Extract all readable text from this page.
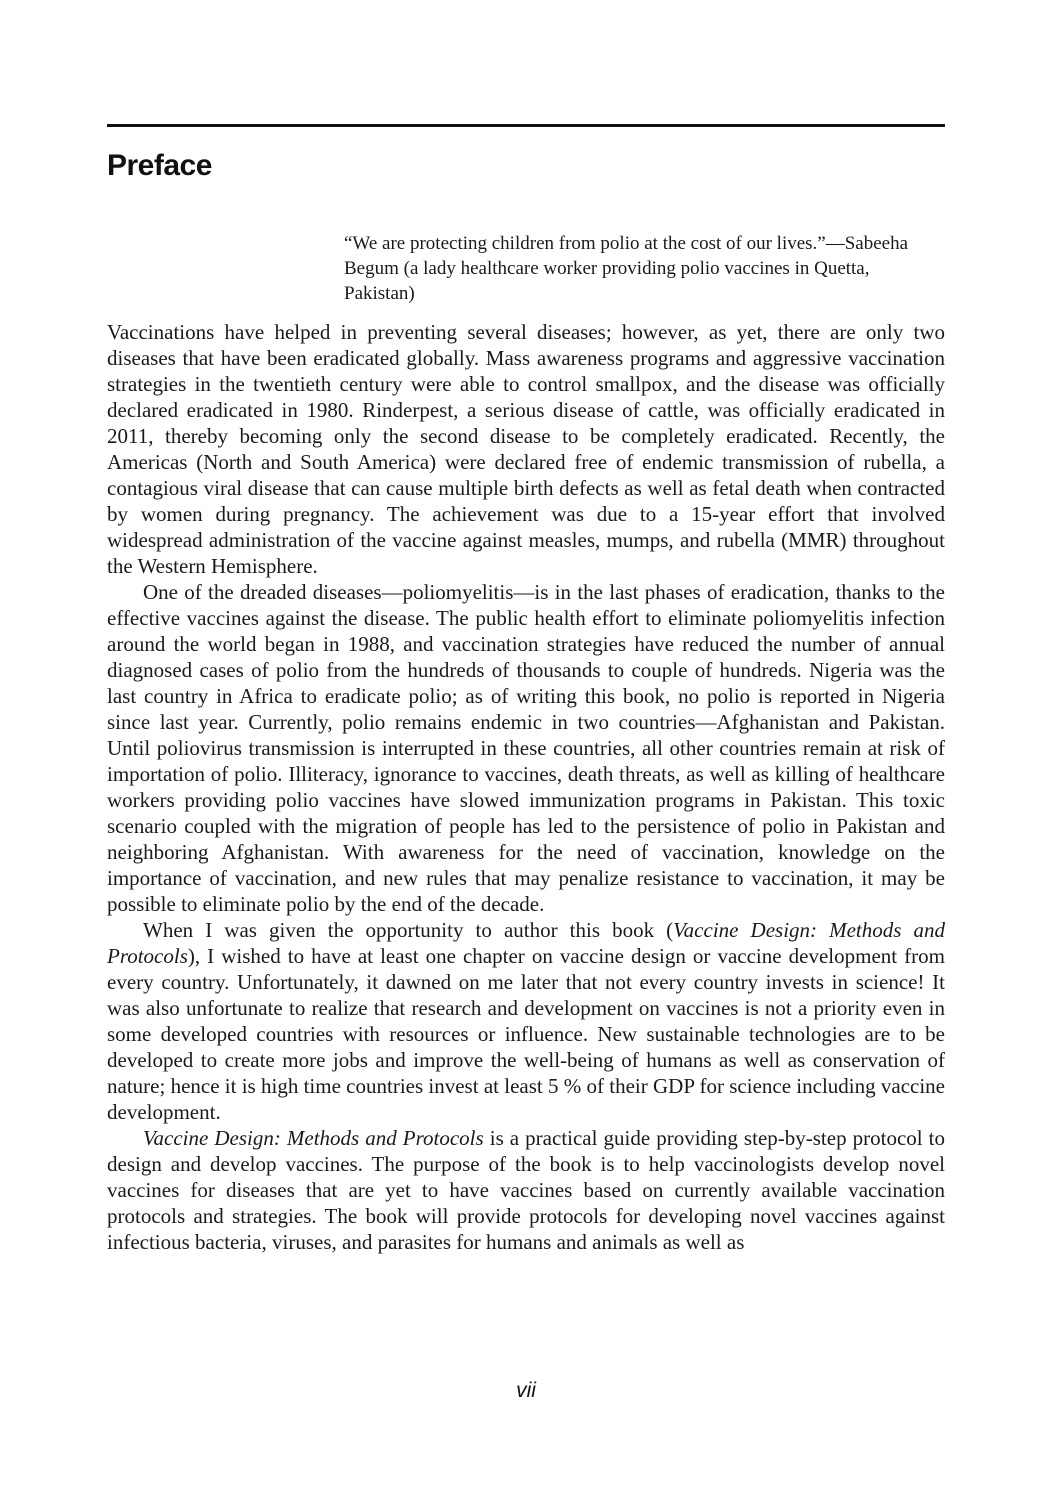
Preface

“We are protecting children from polio at the cost of our lives.”—Sabeeha Begum (a lady healthcare worker providing polio vaccines in Quetta, Pakistan)

Vaccinations have helped in preventing several diseases; however, as yet, there are only two diseases that have been eradicated globally. Mass awareness programs and aggressive vaccination strategies in the twentieth century were able to control smallpox, and the disease was officially declared eradicated in 1980. Rinderpest, a serious disease of cattle, was officially eradicated in 2011, thereby becoming only the second disease to be completely eradicated. Recently, the Americas (North and South America) were declared free of endemic transmission of rubella, a contagious viral disease that can cause multiple birth defects as well as fetal death when contracted by women during pregnancy. The achievement was due to a 15-year effort that involved widespread administration of the vaccine against measles, mumps, and rubella (MMR) throughout the Western Hemisphere.

One of the dreaded diseases—poliomyelitis—is in the last phases of eradication, thanks to the effective vaccines against the disease. The public health effort to eliminate poliomyelitis infection around the world began in 1988, and vaccination strategies have reduced the number of annual diagnosed cases of polio from the hundreds of thousands to couple of hundreds. Nigeria was the last country in Africa to eradicate polio; as of writing this book, no polio is reported in Nigeria since last year. Currently, polio remains endemic in two countries—Afghanistan and Pakistan. Until poliovirus transmission is interrupted in these countries, all other countries remain at risk of importation of polio. Illiteracy, ignorance to vaccines, death threats, as well as killing of healthcare workers providing polio vaccines have slowed immunization programs in Pakistan. This toxic scenario coupled with the migration of people has led to the persistence of polio in Pakistan and neighboring Afghanistan. With awareness for the need of vaccination, knowledge on the importance of vaccination, and new rules that may penalize resistance to vaccination, it may be possible to eliminate polio by the end of the decade.

When I was given the opportunity to author this book (Vaccine Design: Methods and Protocols), I wished to have at least one chapter on vaccine design or vaccine development from every country. Unfortunately, it dawned on me later that not every country invests in science! It was also unfortunate to realize that research and development on vaccines is not a priority even in some developed countries with resources or influence. New sustainable technologies are to be developed to create more jobs and improve the well-being of humans as well as conservation of nature; hence it is high time countries invest at least 5 % of their GDP for science including vaccine development.

Vaccine Design: Methods and Protocols is a practical guide providing step-by-step protocol to design and develop vaccines. The purpose of the book is to help vaccinologists develop novel vaccines for diseases that are yet to have vaccines based on currently available vaccination protocols and strategies. The book will provide protocols for developing novel vaccines against infectious bacteria, viruses, and parasites for humans and animals as well as

vii
